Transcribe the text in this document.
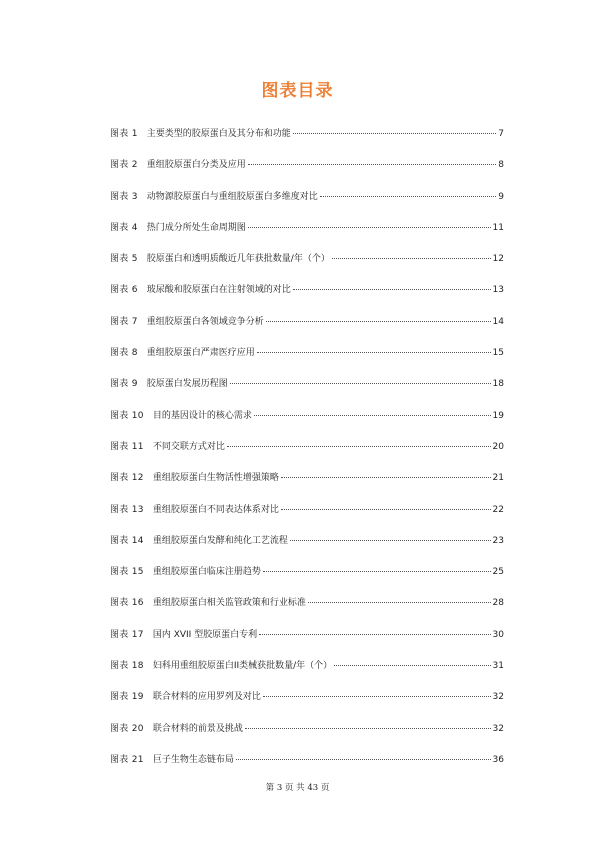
图表目录
图表 1 主要类型的胶原蛋白及其分布和功能	7
图表 2 重组胶原蛋白分类及应用	8
图表 3 动物源胶原蛋白与重组胶原蛋白多维度对比	9
图表 4 热门成分所处生命周期图	11
图表 5 胶原蛋白和透明质酸近几年获批数量/年（个）	12
图表 6 玻尿酸和胶原蛋白在注射领域的对比	13
图表 7 重组胶原蛋白各领域竞争分析	14
图表 8 重组胶原蛋白严肃医疗应用	15
图表 9 胶原蛋白发展历程图	18
图表 10 目的基因设计的核心需求	19
图表 11 不同交联方式对比	20
图表 12 重组胶原蛋白生物活性增强策略	21
图表 13 重组胶原蛋白不同表达体系对比	22
图表 14 重组胶原蛋白发酵和纯化工艺流程	23
图表 15 重组胶原蛋白临床注册趋势	25
图表 16 重组胶原蛋白相关监管政策和行业标准	28
图表 17 国内 XVII 型胶原蛋白专利	30
图表 18 妇科用重组胶原蛋白II类械获批数量/年（个）	31
图表 19 联合材料的应用罗列及对比	32
图表 20 联合材料的前景及挑战	32
图表 21 巨子生物生态链布局	36
第 3 页 共 43 页
